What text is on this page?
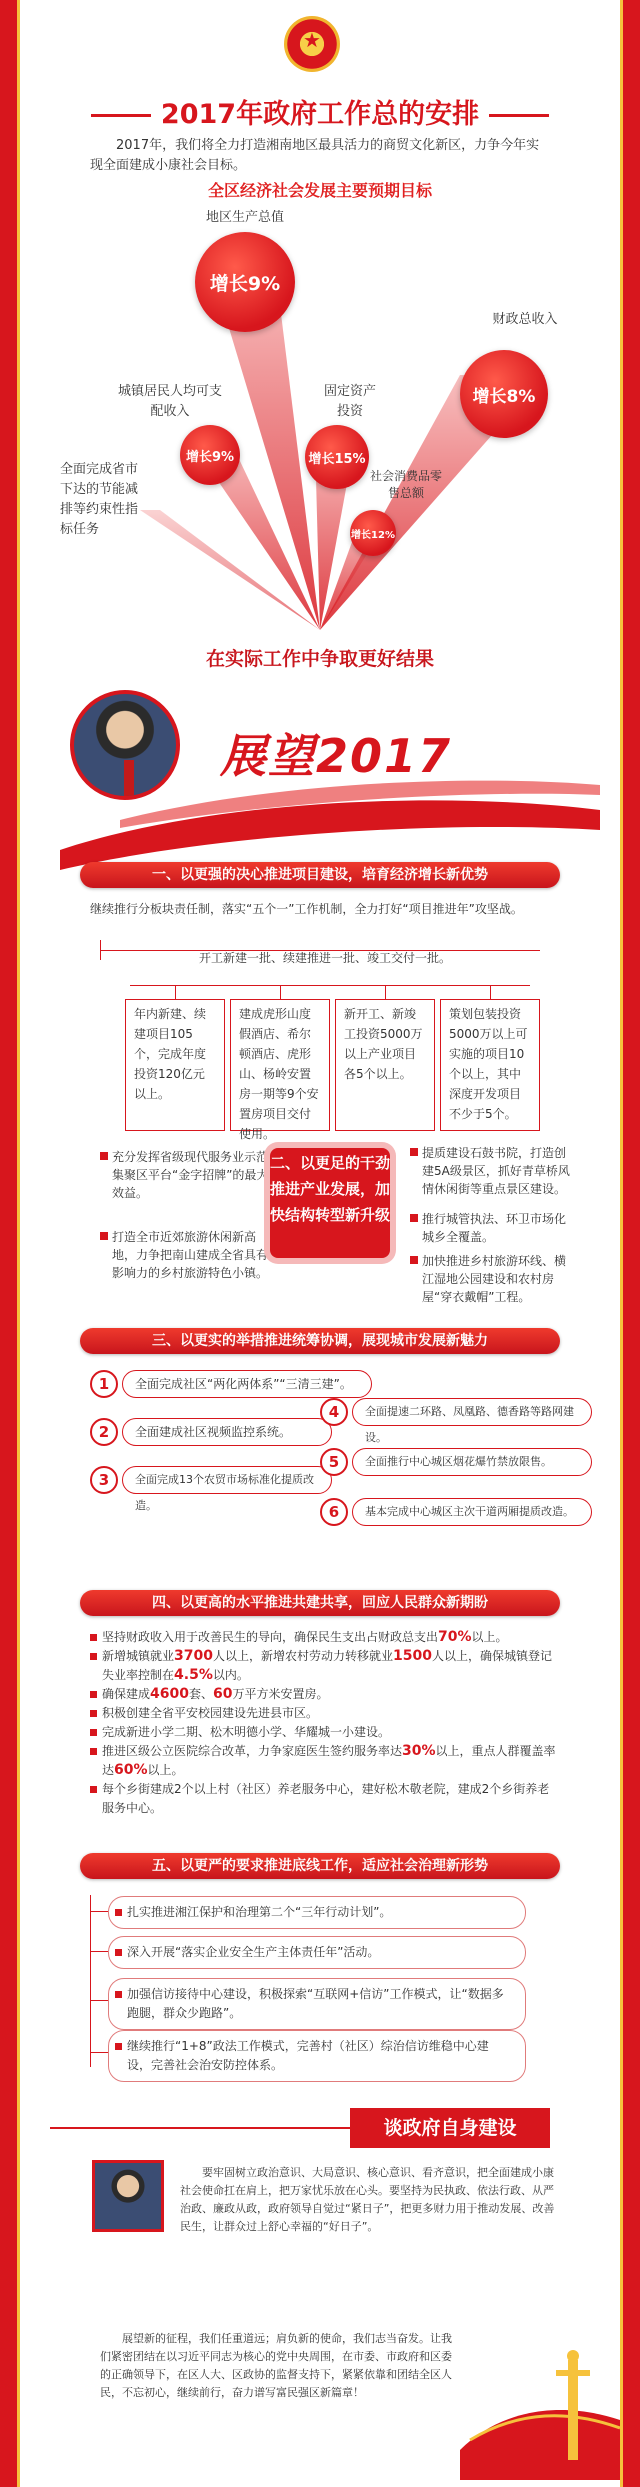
★
2017年政府工作总的安排
2017年，我们将全力打造湘南地区最具活力的商贸文化新区，力争今年实现全面建成小康社会目标。
全区经济社会发展主要预期目标
地区生产总值
增长9%
城镇居民人均可支配收入
增长9%
固定资产投资
增长15%
社会消费品零售总额
增长12%
财政总收入
增长8%
全面完成省市下达的节能减排等约束性指标任务
在实际工作中争取更好结果
展望2017
一、以更强的决心推进项目建设，培育经济增长新优势
继续推行分板块责任制，落实“五个一”工作机制，全力打好“项目推进年”攻坚战。
开工新建一批、续建推进一批、竣工交付一批。
年内新建、续建项目105个，完成年度投资120亿元以上。
建成虎形山度假酒店、希尔顿酒店、虎形山、杨岭安置房一期等9个安置房项目交付使用。
新开工、新竣工投资5000万以上产业项目各5个以上。
策划包装投资5000万以上可实施的项目10个以上，其中深度开发项目不少于5个。
充分发挥省级现代服务业示范集聚区平台“金字招牌”的最大效益。
打造全市近郊旅游休闲新高地，力争把南山建成全省具有影响力的乡村旅游特色小镇。
二、以更足的干劲推进产业发展，加快结构转型新升级
提质建设石鼓书院，打造创建5A级景区，抓好青草桥风情休闲街等重点景区建设。
推行城管执法、环卫市场化城乡全覆盖。
加快推进乡村旅游环线、横江湿地公园建设和农村房屋“穿衣戴帽”工程。
三、以更实的举措推进统筹协调，展现城市发展新魅力
1	全面完成社区“两化两体系”“三清三建”。
2	全面建成社区视频监控系统。
3	全面完成13个农贸市场标准化提质改造。
4	全面提速二环路、凤凰路、德香路等路网建设。
5	全面推行中心城区烟花爆竹禁放限售。
6	基本完成中心城区主次干道两厢提质改造。
四、以更高的水平推进共建共享，回应人民群众新期盼
坚持财政收入用于改善民生的导向，确保民生支出占财政总支出70%以上。
新增城镇就业3700人以上，新增农村劳动力转移就业1500人以上，确保城镇登记失业率控制在4.5%以内。
确保建成4600套、60万平方米安置房。
积极创建全省平安校园建设先进县市区。
完成新进小学二期、松木明德小学、华耀城一小建设。
推进区级公立医院综合改革，力争家庭医生签约服务率达30%以上，重点人群覆盖率达60%以上。
每个乡街建成2个以上村（社区）养老服务中心，建好松木敬老院，建成2个乡街养老服务中心。
五、以更严的要求推进底线工作，适应社会治理新形势
扎实推进湘江保护和治理第二个“三年行动计划”。
深入开展“落实企业安全生产主体责任年”活动。
加强信访接待中心建设，积极探索“互联网+信访”工作模式，让“数据多跑腿，群众少跑路”。
继续推行“1+8”政法工作模式，完善村（社区）综治信访维稳中心建设，完善社会治安防控体系。
谈政府自身建设
要牢固树立政治意识、大局意识、核心意识、看齐意识，把全面建成小康社会使命扛在肩上，把万家忧乐放在心头。要坚持为民执政、依法行政、从严治政、廉政从政，政府领导自觉过“紧日子”，把更多财力用于推动发展、改善民生，让群众过上舒心幸福的“好日子”。
展望新的征程，我们任重道远；肩负新的使命，我们志当奋发。让我们紧密团结在以习近平同志为核心的党中央周围，在市委、市政府和区委的正确领导下，在区人大、区政协的监督支持下，紧紧依靠和团结全区人民，不忘初心，继续前行，奋力谱写富民强区新篇章！
